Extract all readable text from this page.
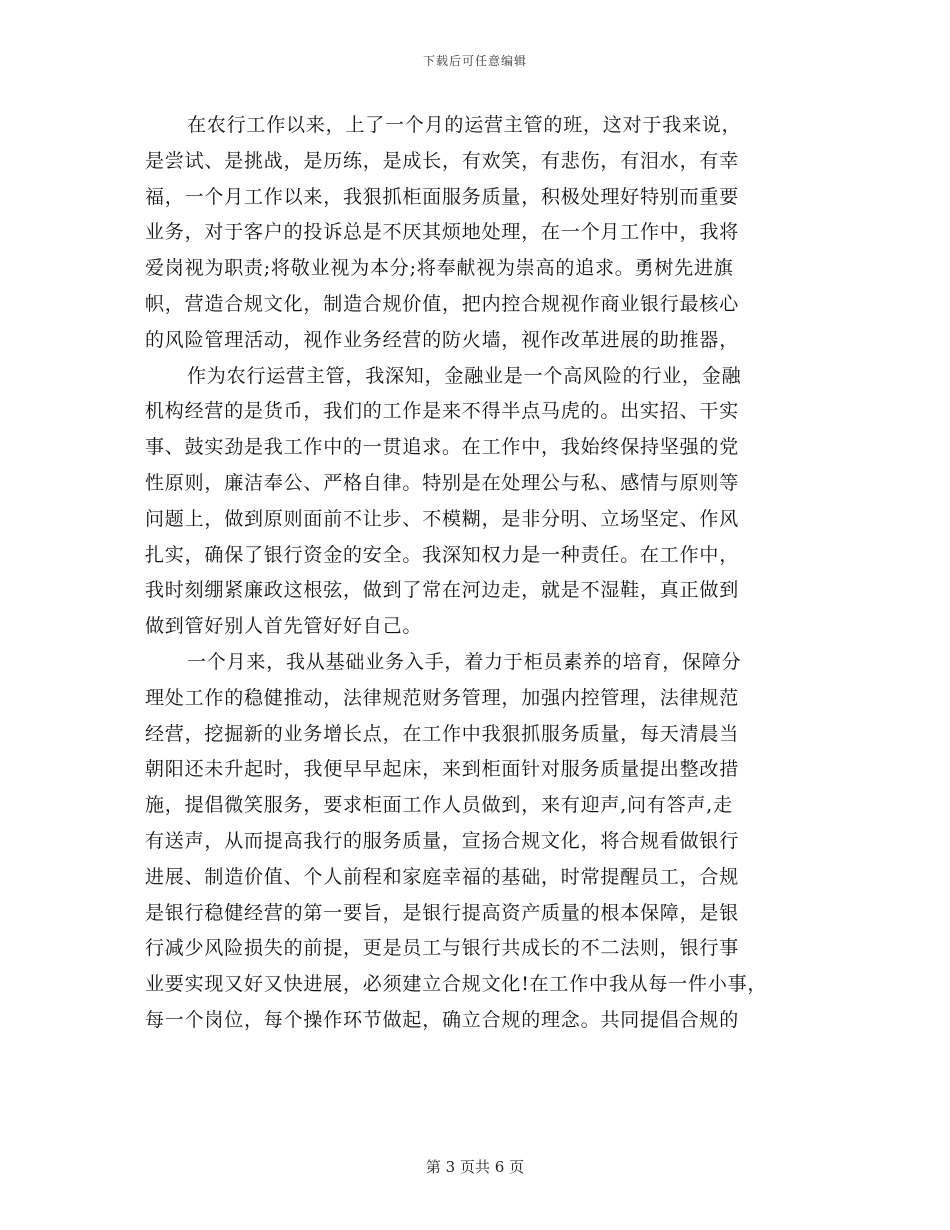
下载后可任意编辑
在农行工作以来，上了一个月的运营主管的班，这对于我来说，
是尝试、是挑战，是历练，是成长，有欢笑，有悲伤，有泪水，有幸
福，一个月工作以来，我狠抓柜面服务质量，积极处理好特别而重要
业务，对于客户的投诉总是不厌其烦地处理，在一个月工作中，我将
爱岗视为职责;将敬业视为本分;将奉献视为崇高的追求。勇树先进旗
帜，营造合规文化，制造合规价值，把内控合规视作商业银行最核心
的风险管理活动，视作业务经营的防火墙，视作改革进展的助推器，
作为农行运营主管，我深知，金融业是一个高风险的行业，金融
机构经营的是货币，我们的工作是来不得半点马虎的。出实招、干实
事、鼓实劲是我工作中的一贯追求。在工作中，我始终保持坚强的党
性原则，廉洁奉公、严格自律。特别是在处理公与私、感情与原则等
问题上，做到原则面前不让步、不模糊，是非分明、立场坚定、作风
扎实，确保了银行资金的安全。我深知权力是一种责任。在工作中，
我时刻绷紧廉政这根弦，做到了常在河边走，就是不湿鞋，真正做到
做到管好别人首先管好好自己。
一个月来，我从基础业务入手，着力于柜员素养的培育，保障分
理处工作的稳健推动，法律规范财务管理，加强内控管理，法律规范
经营，挖掘新的业务增长点，在工作中我狠抓服务质量，每天清晨当
朝阳还未升起时，我便早早起床，来到柜面针对服务质量提出整改措
施，提倡微笑服务，要求柜面工作人员做到，来有迎声,问有答声,走
有送声，从而提高我行的服务质量，宣扬合规文化，将合规看做银行
进展、制造价值、个人前程和家庭幸福的基础，时常提醒员工，合规
是银行稳健经营的第一要旨，是银行提高资产质量的根本保障，是银
行减少风险损失的前提，更是员工与银行共成长的不二法则，银行事
业要实现又好又快进展，必须建立合规文化!在工作中我从每一件小事，
每一个岗位，每个操作环节做起，确立合规的理念。共同提倡合规的
第 3 页共 6 页
